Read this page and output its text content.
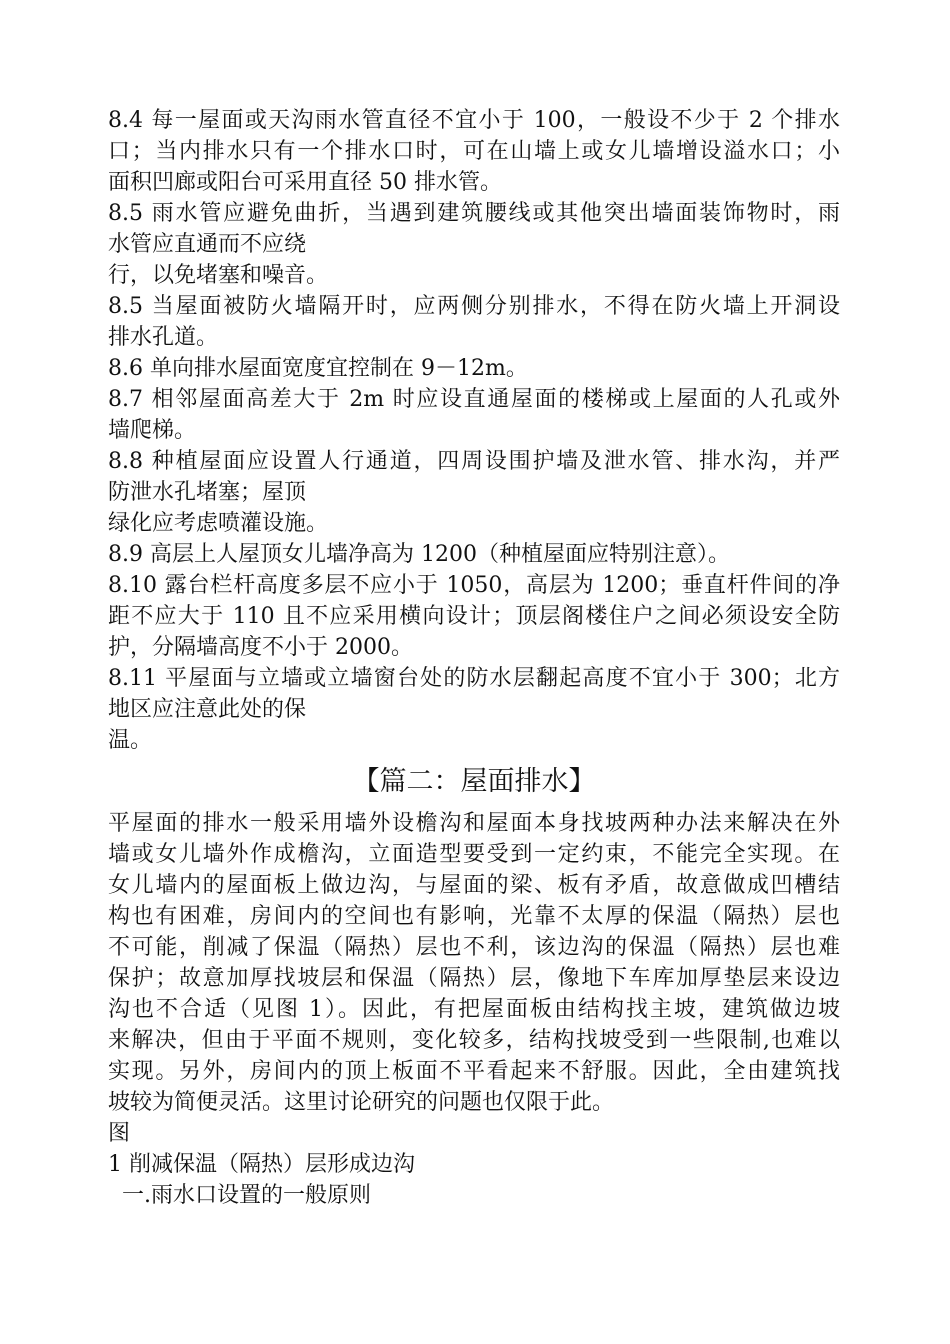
8.4 每一屋面或天沟雨水管直径不宜小于 100，一般设不少于 2 个排水
口；当内排水只有一个排水口时，可在山墙上或女儿墙增设溢水口；小
面积凹廊或阳台可采用直径 50 排水管。
8.5 雨水管应避免曲折，当遇到建筑腰线或其他突出墙面装饰物时，雨
水管应直通而不应绕
行，以免堵塞和噪音。
8.5 当屋面被防火墙隔开时，应两侧分别排水，不得在防火墙上开洞设
排水孔道。
8.6 单向排水屋面宽度宜控制在 9－12m。
8.7 相邻屋面高差大于 2m 时应设直通屋面的楼梯或上屋面的人孔或外
墙爬梯。
8.8 种植屋面应设置人行通道，四周设围护墙及泄水管、排水沟，并严
防泄水孔堵塞；屋顶
绿化应考虑喷灌设施。
8.9 高层上人屋顶女儿墙净高为 1200（种植屋面应特别注意）。
8.10 露台栏杆高度多层不应小于 1050，高层为 1200；垂直杆件间的净
距不应大于 110 且不应采用横向设计；顶层阁楼住户之间必须设安全防
护，分隔墙高度不小于 2000。
8.11 平屋面与立墙或立墙窗台处的防水层翻起高度不宜小于 300；北方
地区应注意此处的保
温。
【篇二：屋面排水】
平屋面的排水一般采用墙外设檐沟和屋面本身找坡两种办法来解决在外
墙或女儿墙外作成檐沟，立面造型要受到一定约束，不能完全实现。在
女儿墙内的屋面板上做边沟，与屋面的梁、板有矛盾，故意做成凹槽结
构也有困难，房间内的空间也有影响，光靠不太厚的保温（隔热）层也
不可能，削减了保温（隔热）层也不利，该边沟的保温（隔热）层也难
保护；故意加厚找坡层和保温（隔热）层，像地下车库加厚垫层来设边
沟也不合适（见图 1）。因此，有把屋面板由结构找主坡，建筑做边坡
来解决，但由于平面不规则，变化较多，结构找坡受到一些限制,也难以
实现。另外，房间内的顶上板面不平看起来不舒服。因此，全由建筑找
坡较为简便灵活。这里讨论研究的问题也仅限于此。
图
1 削减保温（隔热）层形成边沟
一.雨水口设置的一般原则
